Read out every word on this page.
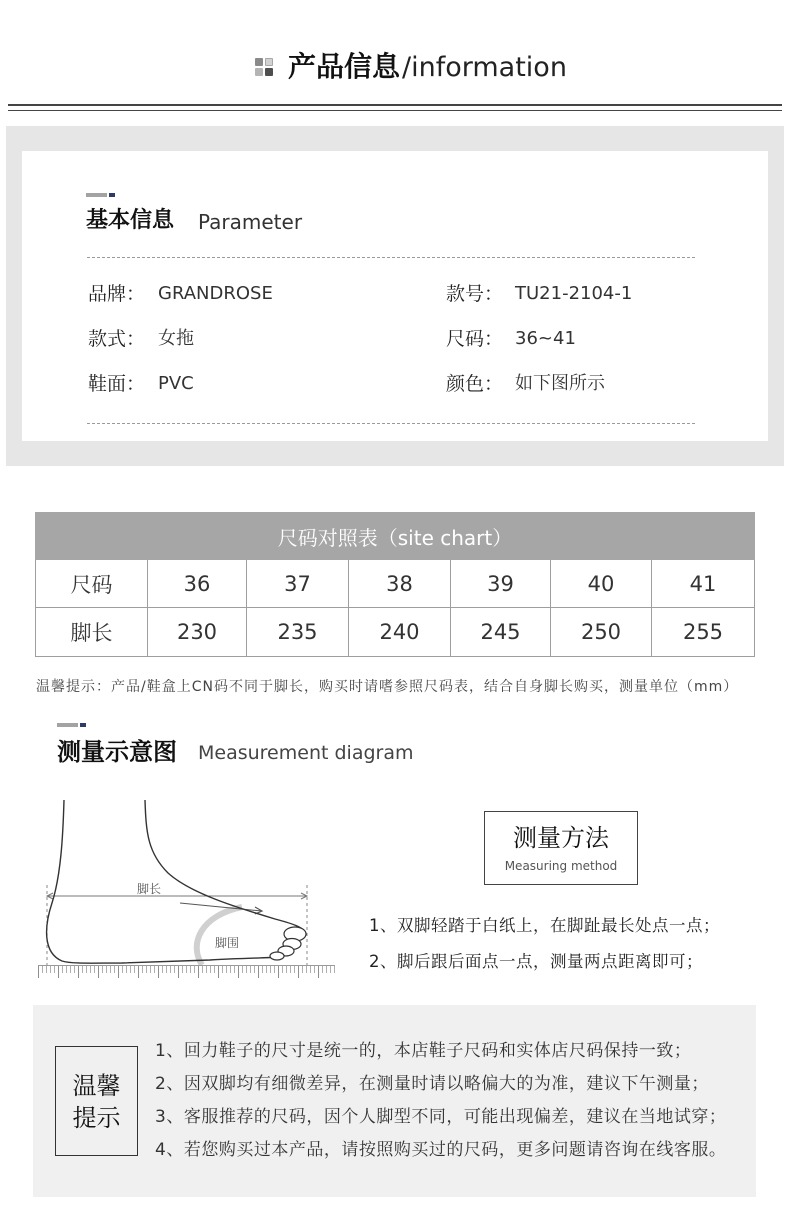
产品信息/information
基本信息 Parameter
品牌： GRANDROSE	款号： TU21-2104-1
款式： 女拖	尺码： 36~41
鞋面： PVC	颜色： 如下图所示
尺码对照表（site chart）						
尺码	36	37	38	39	40	41
脚长	230	235	240	245	250	255
温馨提示：产品/鞋盒上CN码不同于脚长，购买时请嗜参照尺码表，结合自身脚长购买，测量单位（mm）
测量示意图 Measurement diagram
脚长
脚围
测量方法
Measuring method
1、双脚轻踏于白纸上，在脚趾最长处点一点；
2、脚后跟后面点一点，测量两点距离即可；
温馨
提示
1、回力鞋子的尺寸是统一的，本店鞋子尺码和实体店尺码保持一致；
2、因双脚均有细微差异，在测量时请以略偏大的为准，建议下午测量；
3、客服推荐的尺码，因个人脚型不同，可能出现偏差，建议在当地试穿；
4、若您购买过本产品，请按照购买过的尺码，更多问题请咨询在线客服。
